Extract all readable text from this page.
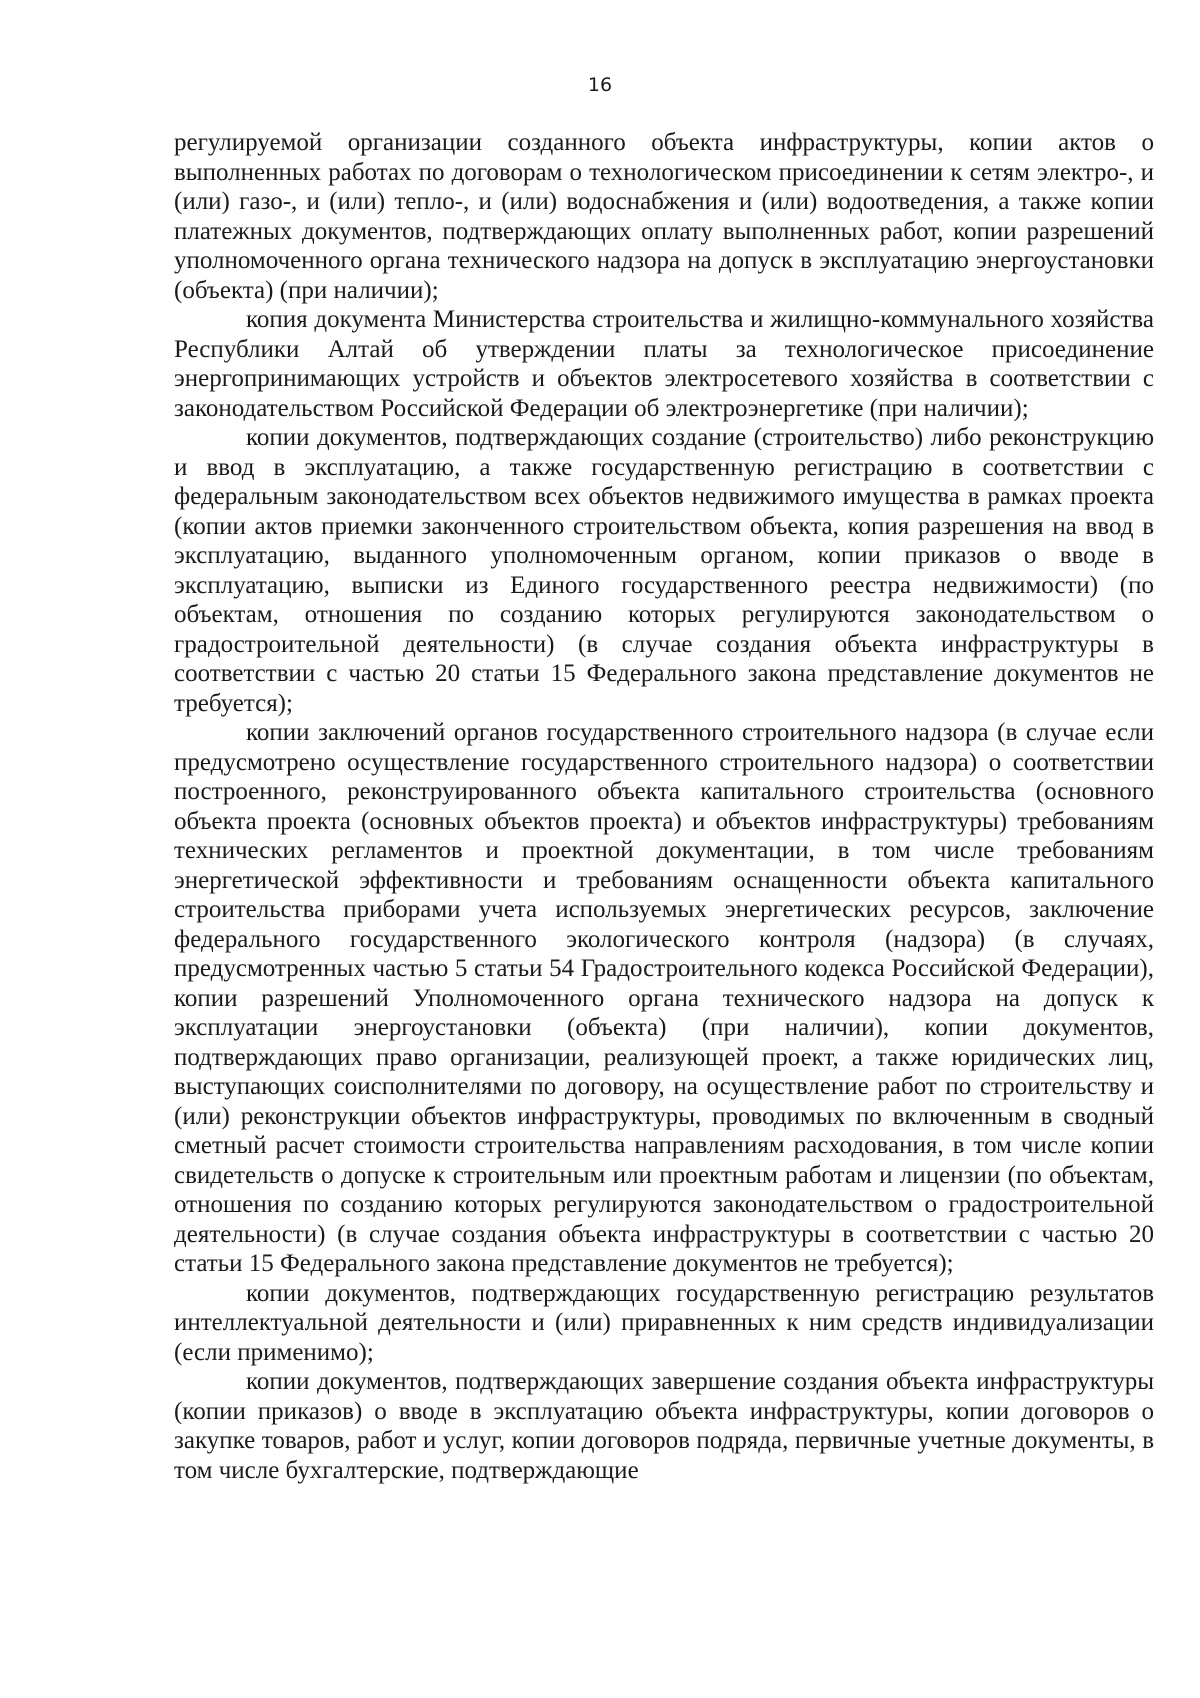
16

регулируемой организации созданного объекта инфраструктуры, копии актов о выполненных работах по договорам о технологическом присоединении к сетям электро-, и (или) газо-, и (или) тепло-, и (или) водоснабжения и (или) водоотведения, а также копии платежных документов, подтверждающих оплату выполненных работ, копии разрешений уполномоченного органа технического надзора на допуск в эксплуатацию энергоустановки (объекта) (при наличии);

копия документа Министерства строительства и жилищно-коммунального хозяйства Республики Алтай об утверждении платы за технологическое присоединение энергопринимающих устройств и объектов электросетевого хозяйства в соответствии с законодательством Российской Федерации об электроэнергетике (при наличии);

копии документов, подтверждающих создание (строительство) либо реконструкцию и ввод в эксплуатацию, а также государственную регистрацию в соответствии с федеральным законодательством всех объектов недвижимого имущества в рамках проекта (копии актов приемки законченного строительством объекта, копия разрешения на ввод в эксплуатацию, выданного уполномоченным органом, копии приказов о вводе в эксплуатацию, выписки из Единого государственного реестра недвижимости) (по объектам, отношения по созданию которых регулируются законодательством о градостроительной деятельности) (в случае создания объекта инфраструктуры в соответствии с частью 20 статьи 15 Федерального закона представление документов не требуется);

копии заключений органов государственного строительного надзора (в случае если предусмотрено осуществление государственного строительного надзора) о соответствии построенного, реконструированного объекта капитального строительства (основного объекта проекта (основных объектов проекта) и объектов инфраструктуры) требованиям технических регламентов и проектной документации, в том числе требованиям энергетической эффективности и требованиям оснащенности объекта капитального строительства приборами учета используемых энергетических ресурсов, заключение федерального государственного экологического контроля (надзора) (в случаях, предусмотренных частью 5 статьи 54 Градостроительного кодекса Российской Федерации), копии разрешений Уполномоченного органа технического надзора на допуск к эксплуатации энергоустановки (объекта) (при наличии), копии документов, подтверждающих право организации, реализующей проект, а также юридических лиц, выступающих соисполнителями по договору, на осуществление работ по строительству и (или) реконструкции объектов инфраструктуры, проводимых по включенным в сводный сметный расчет стоимости строительства направлениям расходования, в том числе копии свидетельств о допуске к строительным или проектным работам и лицензии (по объектам, отношения по созданию которых регулируются законодательством о градостроительной деятельности) (в случае создания объекта инфраструктуры в соответствии с частью 20 статьи 15 Федерального закона представление документов не требуется);

копии документов, подтверждающих государственную регистрацию результатов интеллектуальной деятельности и (или) приравненных к ним средств индивидуализации (если применимо);

копии документов, подтверждающих завершение создания объекта инфраструктуры (копии приказов) о вводе в эксплуатацию объекта инфраструктуры, копии договоров о закупке товаров, работ и услуг, копии договоров подряда, первичные учетные документы, в том числе бухгалтерские, подтверждающие
